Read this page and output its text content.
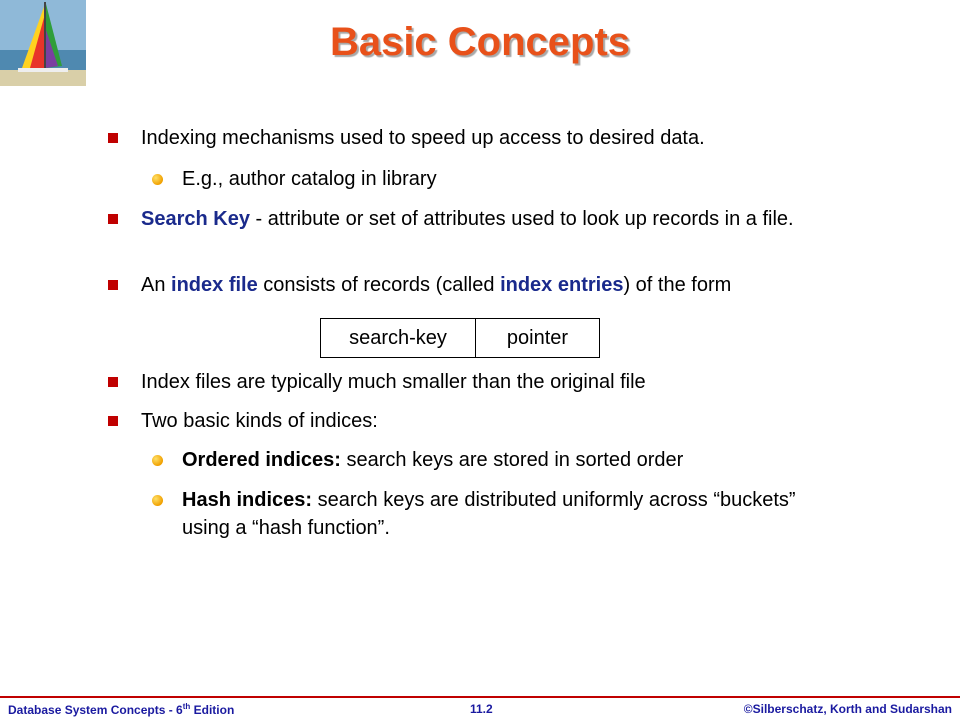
Basic Concepts
Indexing mechanisms used to speed up access to desired data.
E.g., author catalog in library
Search Key - attribute or set of attributes used to look up records in a file.
An index file consists of records (called index entries) of the form
search-key	pointer
Index files are typically much smaller than the original file
Two basic kinds of indices:
Ordered indices: search keys are stored in sorted order
Hash indices: search keys are distributed uniformly across “buckets” using a “hash function”.
Database System Concepts - 6th Edition	11.2	©Silberschatz, Korth and Sudarshan
